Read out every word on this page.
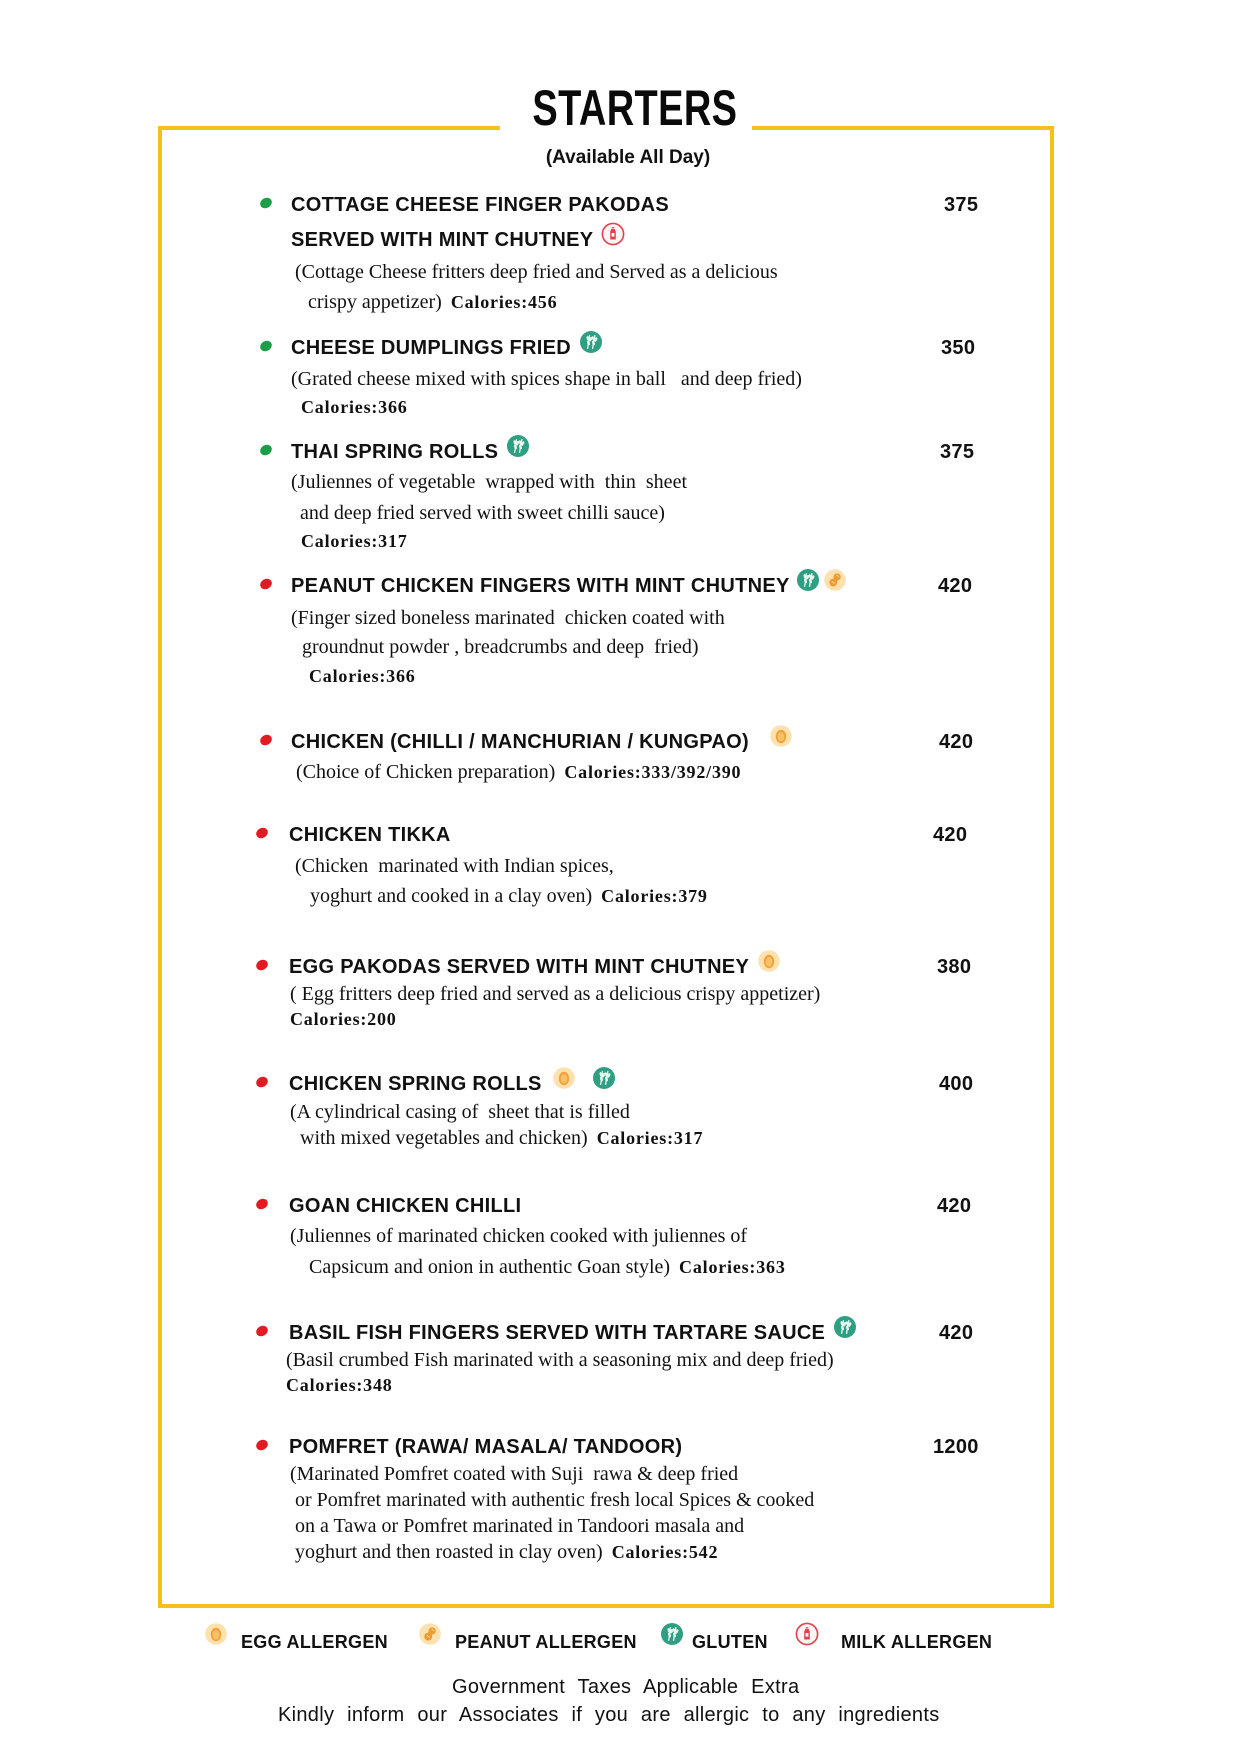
STARTERS
(Available All Day)
COTTAGE CHEESE FINGER PAKODAS
SERVED WITH MINT CHUTNEY
375
(Cottage Cheese fritters deep fried and Served as a delicious
crispy appetizer) Calories:456
CHEESE DUMPLINGS FRIED	350
(Grated cheese mixed with spices shape in ball   and deep fried)
Calories:366
THAI SPRING ROLLS	375
(Juliennes of vegetable  wrapped with  thin  sheet
and deep fried served with sweet chilli sauce)
Calories:317
PEANUT CHICKEN FINGERS WITH MINT CHUTNEY	420
(Finger sized boneless marinated  chicken coated with
groundnut powder , breadcrumbs and deep  fried)
Calories:366
CHICKEN (CHILLI / MANCHURIAN / KUNGPAO)	420
(Choice of Chicken preparation) Calories:333/392/390
CHICKEN TIKKA	420
(Chicken  marinated with Indian spices,
yoghurt and cooked in a clay oven) Calories:379
EGG PAKODAS SERVED WITH MINT CHUTNEY	380
( Egg fritters deep fried and served as a delicious crispy appetizer)
Calories:200
CHICKEN SPRING ROLLS	400
(A cylindrical casing of  sheet that is filled
with mixed vegetables and chicken) Calories:317
GOAN CHICKEN CHILLI	420
(Juliennes of marinated chicken cooked with juliennes of
Capsicum and onion in authentic Goan style) Calories:363
BASIL FISH FINGERS SERVED WITH TARTARE SAUCE	420
(Basil crumbed Fish marinated with a seasoning mix and deep fried)
Calories:348
POMFRET (RAWA/ MASALA/ TANDOOR)	1200
(Marinated Pomfret coated with Suji  rawa & deep fried
or Pomfret marinated with authentic fresh local Spices & cooked
on a Tawa or Pomfret marinated in Tandoori masala and
yoghurt and then roasted in clay oven) Calories:542
EGG ALLERGEN	PEANUT ALLERGEN	GLUTEN	MILK ALLERGEN
Government Taxes Applicable Extra
Kindly inform our Associates if you are allergic to any ingredients
